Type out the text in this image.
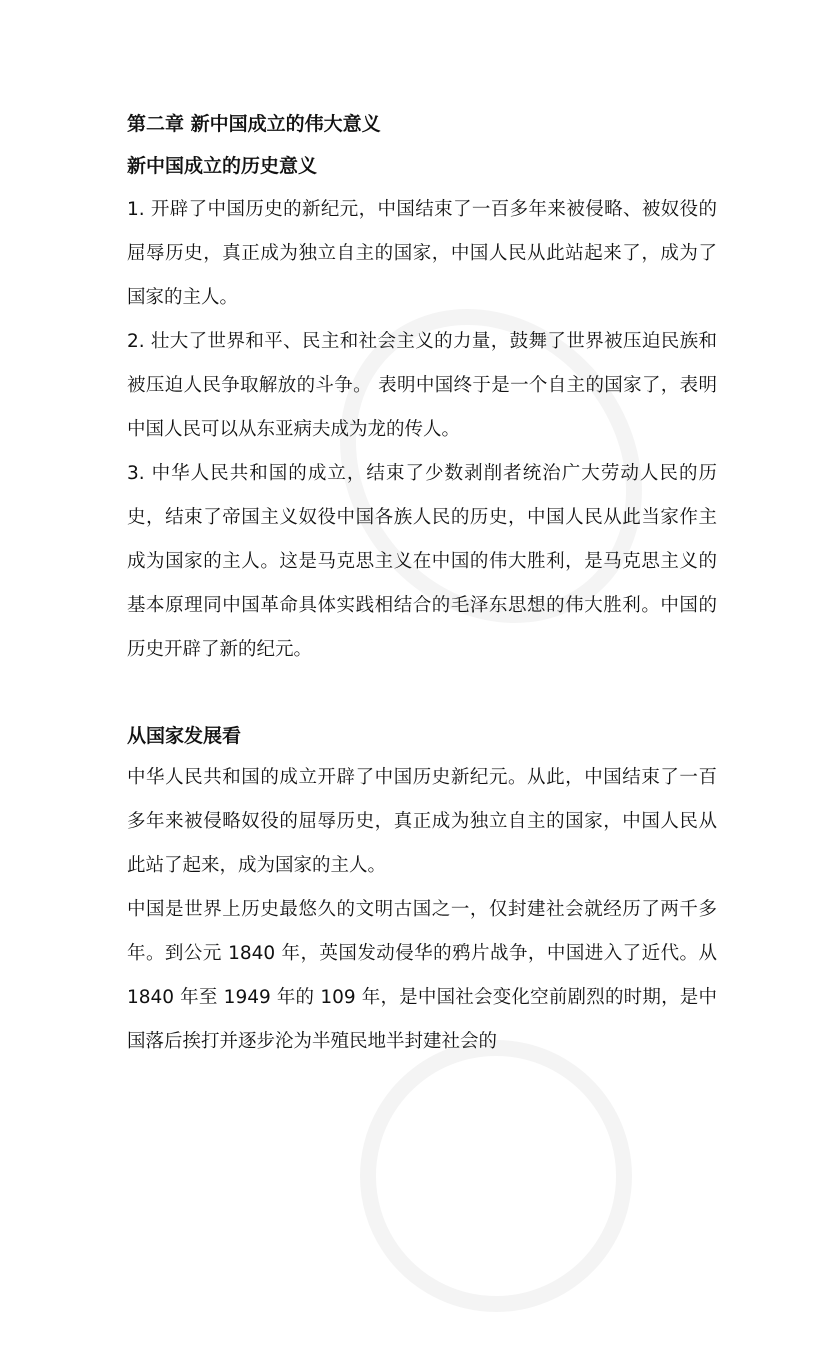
第二章 新中国成立的伟大意义

新中国成立的历史意义

1. 开辟了中国历史的新纪元，中国结束了一百多年来被侵略、被奴役的屈辱历史，真正成为独立自主的国家，中国人民从此站起来了，成为了国家的主人。

2. 壮大了世界和平、民主和社会主义的力量，鼓舞了世界被压迫民族和被压迫人民争取解放的斗争。 表明中国终于是一个自主的国家了，表明中国人民可以从东亚病夫成为龙的传人。

3. 中华人民共和国的成立，结束了少数剥削者统治广大劳动人民的历史，结束了帝国主义奴役中国各族人民的历史，中国人民从此当家作主成为国家的主人。这是马克思主义在中国的伟大胜利，是马克思主义的基本原理同中国革命具体实践相结合的毛泽东思想的伟大胜利。中国的历史开辟了新的纪元。

从国家发展看

中华人民共和国的成立开辟了中国历史新纪元。从此，中国结束了一百多年来被侵略奴役的屈辱历史，真正成为独立自主的国家，中国人民从此站了起来，成为国家的主人。

中国是世界上历史最悠久的文明古国之一，仅封建社会就经历了两千多年。到公元 1840 年，英国发动侵华的鸦片战争，中国进入了近代。从 1840 年至 1949 年的 109 年，是中国社会变化空前剧烈的时期，是中国落后挨打并逐步沦为半殖民地半封建社会的
